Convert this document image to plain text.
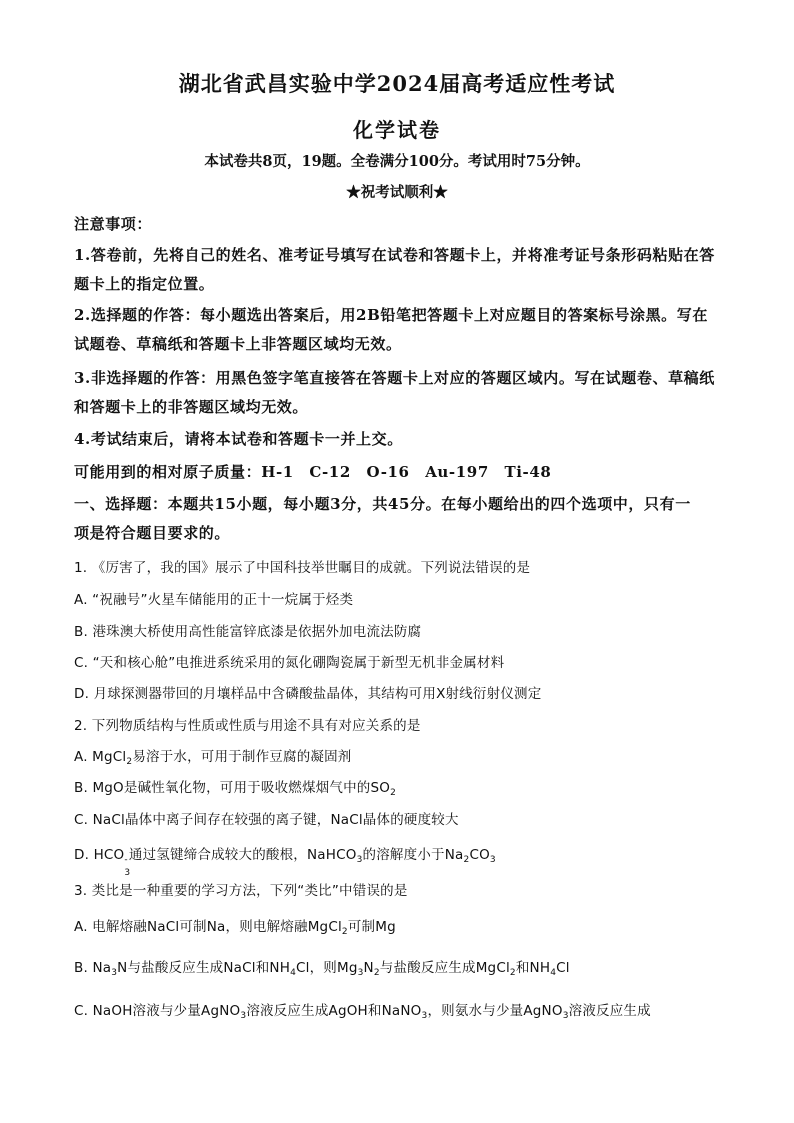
湖北省武昌实验中学2024届高考适应性考试
化学试卷
本试卷共8页，19题。全卷满分100分。考试用时75分钟。
★祝考试顺利★
注意事项：
1.答卷前，先将自己的姓名、准考证号填写在试卷和答题卡上，并将准考证号条形码粘贴在答
题卡上的指定位置。
2.选择题的作答：每小题选出答案后，用2B铅笔把答题卡上对应题目的答案标号涂黑。写在
试题卷、草稿纸和答题卡上非答题区域均无效。
3.非选择题的作答：用黑色签字笔直接答在答题卡上对应的答题区域内。写在试题卷、草稿纸
和答题卡上的非答题区域均无效。
4.考试结束后，请将本试卷和答题卡一并上交。
可能用到的相对原子质量：H-1　C-12　O-16　Au-197　Ti-48
一、选择题：本题共15小题，每小题3分，共45分。在每小题给出的四个选项中，只有一
项是符合题目要求的。
1. 《厉害了，我的国》展示了中国科技举世瞩目的成就。下列说法错误的是
A. “祝融号”火星车储能用的正十一烷属于烃类
B. 港珠澳大桥使用高性能富锌底漆是依据外加电流法防腐
C. “天和核心舱”电推进系统采用的氮化硼陶瓷属于新型无机非金属材料
D. 月球探测器带回的月壤样品中含磷酸盐晶体，其结构可用X射线衍射仪测定
2. 下列物质结构与性质或性质与用途不具有对应关系的是
A. MgCl$_2$易溶于水，可用于制作豆腐的凝固剂
B. MgO是碱性氧化物，可用于吸收燃煤烟气中的$SO_2$
C. NaCl晶体中离子间存在较强的离子键，NaCl晶体的硬度较大
D. HCO -
3
通过氢键缔合成较大的酸根，NaHCO$_3$的溶解度小于$Na_2CO_3$
3. 类比是一种重要的学习方法，下列“类比”中错误的是
A. 电解熔融NaCl可制Na，则电解熔融MgCl$_2$可制Mg
B. $Na_3N$与盐酸反应生成NaCl和$NH_4Cl$，则$Mg_3N_2$与盐酸反应生成MgCl$_2$和$NH_4Cl$
C. NaOH溶液与少量AgNO$_3$溶液反应生成AgOH和NaNO$_3$，则氨水与少量AgNO$_3$溶液反应生成
